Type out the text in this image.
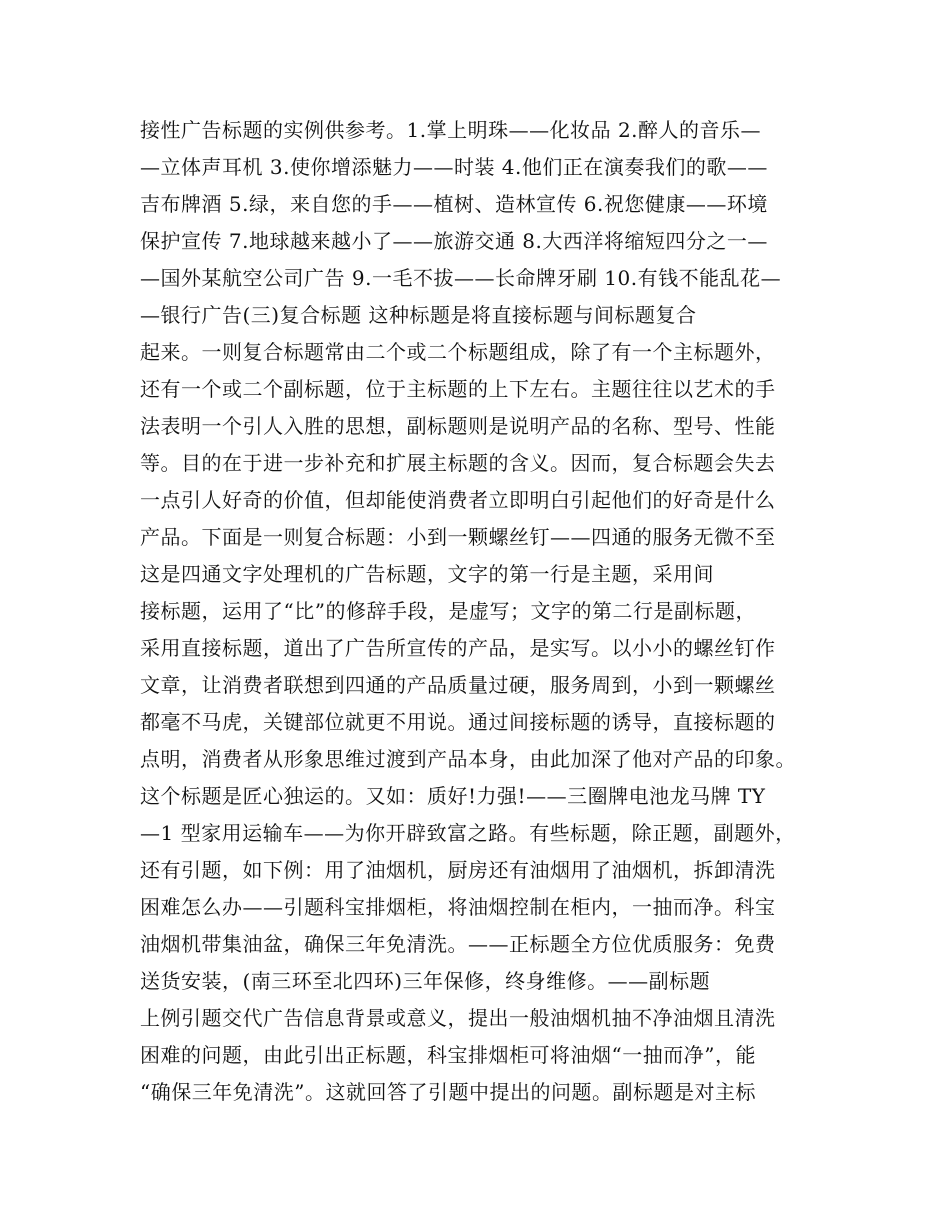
接性广告标题的实例供参考。1.掌上明珠——化妆品 2.醉人的音乐—
—立体声耳机 3.使你增添魅力——时装 4.他们正在演奏我们的歌——
吉布牌酒 5.绿，来自您的手——植树、造林宣传 6.祝您健康——环境
保护宣传 7.地球越来越小了——旅游交通 8.大西洋将缩短四分之一—
—国外某航空公司广告 9.一毛不拔——长命牌牙刷 10.有钱不能乱花—
—银行广告(三)复合标题 这种标题是将直接标题与间标题复合
起来。一则复合标题常由二个或二个标题组成，除了有一个主标题外，
还有一个或二个副标题，位于主标题的上下左右。主题往往以艺术的手
法表明一个引人入胜的思想，副标题则是说明产品的名称、型号、性能
等。目的在于进一步补充和扩展主标题的含义。因而，复合标题会失去
一点引人好奇的价值，但却能使消费者立即明白引起他们的好奇是什么
产品。下面是一则复合标题：小到一颗螺丝钉——四通的服务无微不至
这是四通文字处理机的广告标题，文字的第一行是主题，采用间
接标题，运用了“比”的修辞手段，是虚写；文字的第二行是副标题，
采用直接标题，道出了广告所宣传的产品，是实写。以小小的螺丝钉作
文章，让消费者联想到四通的产品质量过硬，服务周到，小到一颗螺丝
都毫不马虎，关键部位就更不用说。通过间接标题的诱导，直接标题的
点明，消费者从形象思维过渡到产品本身，由此加深了他对产品的印象。
这个标题是匠心独运的。又如：质好!力强!——三圈牌电池龙马牌 TY
—1 型家用运输车——为你开辟致富之路。有些标题，除正题，副题外，
还有引题，如下例：用了油烟机，厨房还有油烟用了油烟机，拆卸清洗
困难怎么办——引题科宝排烟柜，将油烟控制在柜内，一抽而净。科宝
油烟机带集油盆，确保三年免清洗。——正标题全方位优质服务：免费
送货安装，(南三环至北四环)三年保修，终身维修。——副标题
上例引题交代广告信息背景或意义，提出一般油烟机抽不净油烟且清洗
困难的问题，由此引出正标题，科宝排烟柜可将油烟“一抽而净”，能
“确保三年免清洗”。这就回答了引题中提出的问题。副标题是对主标
